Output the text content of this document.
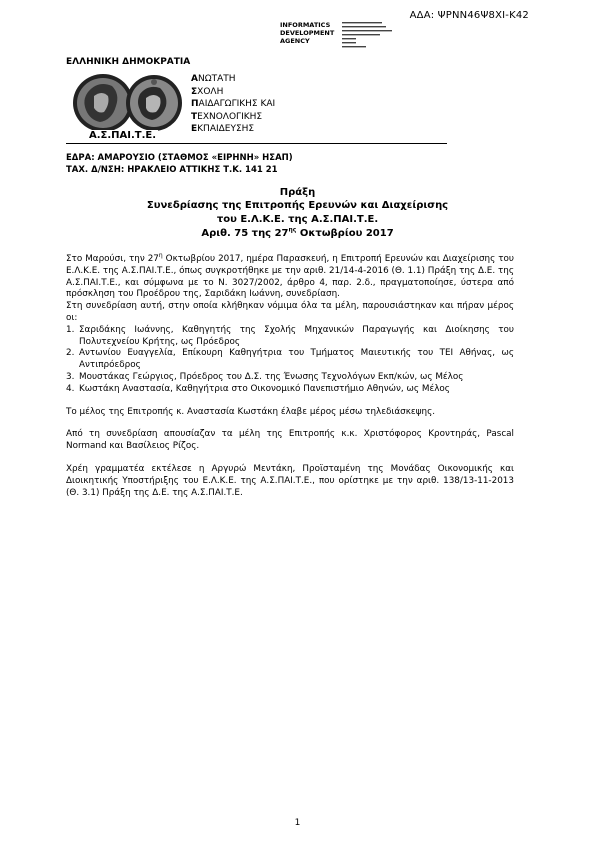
ΑΔΑ: ΨΡΝΝ46Ψ8ΧΙ-Κ42
INFORMATICS
DEVELOPMENT
AGENCY
ΕΛΛΗΝΙΚΗ ΔΗΜΟΚΡΑΤΙΑ
ΑΝΩΤΑΤΗ
ΣΧΟΛΗ
ΠΑΙΔΑΓΩΓΙΚΗΣ ΚΑΙ
ΤΕΧΝΟΛΟΓΙΚΗΣ
ΕΚΠΑΙΔΕΥΣΗΣ
Α.Σ.ΠΑΙ.Τ.Ε.
ΕΔΡΑ: ΑΜΑΡΟΥΣΙΟ (ΣΤΑΘΜΟΣ «ΕΙΡΗΝΗ» ΗΣΑΠ)
ΤΑΧ. Δ/ΝΣΗ: ΗΡΑΚΛΕΙΟ ΑΤΤΙΚΗΣ Τ.Κ. 141 21
Πράξη
Συνεδρίασης της Επιτροπής Ερευνών και Διαχείρισης
του Ε.Λ.Κ.Ε. της Α.Σ.ΠΑΙ.Τ.Ε.
Αριθ. 75 της $27^{\eta\varsigma}$ Οκτωβρίου 2017

Στο Μαρούσι, την $27^\eta$ Οκτωβρίου 2017, ημέρα Παρασκευή, η Επιτροπή Ερευνών και Διαχείρισης του Ε.Λ.Κ.Ε. της Α.Σ.ΠΑΙ.Τ.Ε., όπως συγκροτήθηκε με την αριθ. 21/14-4-2016 (Θ. 1.1) Πράξη της Δ.Ε. της Α.Σ.ΠΑΙ.Τ.Ε., και σύμφωνα με το Ν. 3027/2002, άρθρο 4, παρ. 2.δ., πραγματοποίησε, ύστερα από πρόσκληση του Προέδρου της, Σαριδάκη Ιωάννη, συνεδρίαση.

Στη συνεδρίαση αυτή, στην οποία κλήθηκαν νόμιμα όλα τα μέλη, παρουσιάστηκαν και πήραν μέρος οι:

1. Σαριδάκης Ιωάννης, Καθηγητής της Σχολής Μηχανικών Παραγωγής και Διοίκησης του Πολυτεχνείου Κρήτης, ως Πρόεδρος
2. Αντωνίου Ευαγγελία, Επίκουρη Καθηγήτρια του Τμήματος Μαιευτικής του ΤΕΙ Αθήνας, ως Αντιπρόεδρος
3. Μουστάκας Γεώργιος, Πρόεδρος του Δ.Σ. της Ένωσης Τεχνολόγων Εκπ/κών, ως Μέλος
4. Κωστάκη Αναστασία, Καθηγήτρια στο Οικονομικό Πανεπιστήμιο Αθηνών, ως Μέλος

Το μέλος της Επιτροπής κ. Αναστασία Κωστάκη έλαβε μέρος μέσω τηλεδιάσκεψης.

Από τη συνεδρίαση απουσίαζαν τα μέλη της Επιτροπής κ.κ. Χριστόφορος Κροντηράς, Pascal Normand και Βασίλειος Ρίζος.

Χρέη γραμματέα εκτέλεσε η Αργυρώ Μεντάκη, Προϊσταμένη της Μονάδας Οικονομικής και Διοικητικής Υποστήριξης του Ε.Λ.Κ.Ε. της Α.Σ.ΠΑΙ.Τ.Ε., που ορίστηκε με την αριθ. 138/13-11-2013 (Θ. 3.1) Πράξη της Δ.Ε. της Α.Σ.ΠΑΙ.Τ.Ε.

1
